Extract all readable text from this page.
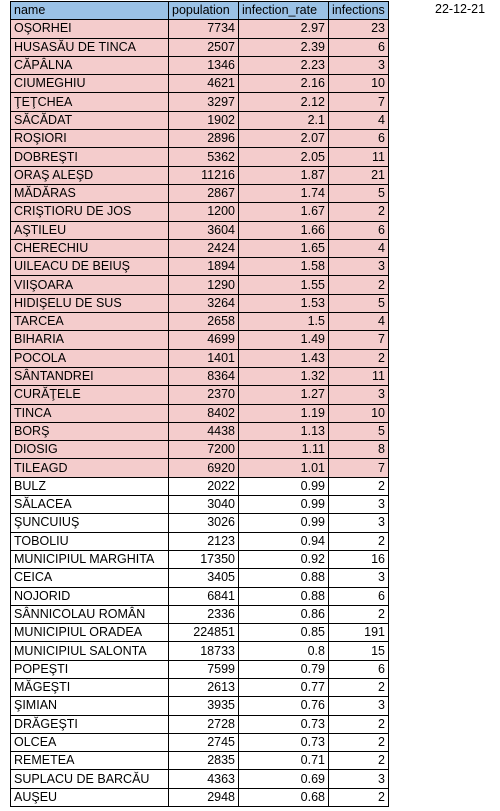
name	population	infection_rate	infections
OŞORHEI	7734	2.97	23
HUSASĂU DE TINCA	2507	2.39	6
CĂPÂLNA	1346	2.23	3
CIUMEGHIU	4621	2.16	10
ŢEŢCHEA	3297	2.12	7
SĂCĂDAT	1902	2.1	4
ROŞIORI	2896	2.07	6
DOBREŞTI	5362	2.05	11
ORAŞ ALEŞD	11216	1.87	21
MĂDĂRAS	2867	1.74	5
CRIŞTIORU DE JOS	1200	1.67	2
AŞTILEU	3604	1.66	6
CHERECHIU	2424	1.65	4
UILEACU DE BEIUŞ	1894	1.58	3
VIIŞOARA	1290	1.55	2
HIDIŞELU DE SUS	3264	1.53	5
TARCEA	2658	1.5	4
BIHARIA	4699	1.49	7
POCOLA	1401	1.43	2
SÂNTANDREI	8364	1.32	11
CURĂŢELE	2370	1.27	3
TINCA	8402	1.19	10
BORŞ	4438	1.13	5
DIOSIG	7200	1.11	8
TILEAGD	6920	1.01	7
BULZ	2022	0.99	2
SĂLACEA	3040	0.99	3
ŞUNCUIUŞ	3026	0.99	3
TOBOLIU	2123	0.94	2
MUNICIPIUL MARGHITA	17350	0.92	16
CEICA	3405	0.88	3
NOJORID	6841	0.88	6
SÂNNICOLAU ROMÂN	2336	0.86	2
MUNICIPIUL ORADEA	224851	0.85	191
MUNICIPIUL SALONTA	18733	0.8	15
POPEŞTI	7599	0.79	6
MĂGEŞTI	2613	0.77	2
ŞIMIAN	3935	0.76	3
DRĂGEŞTI	2728	0.73	2
OLCEA	2745	0.73	2
REMETEA	2835	0.71	2
SUPLACU DE BARCĂU	4363	0.69	3
AUŞEU	2948	0.68	2
22-12-21
